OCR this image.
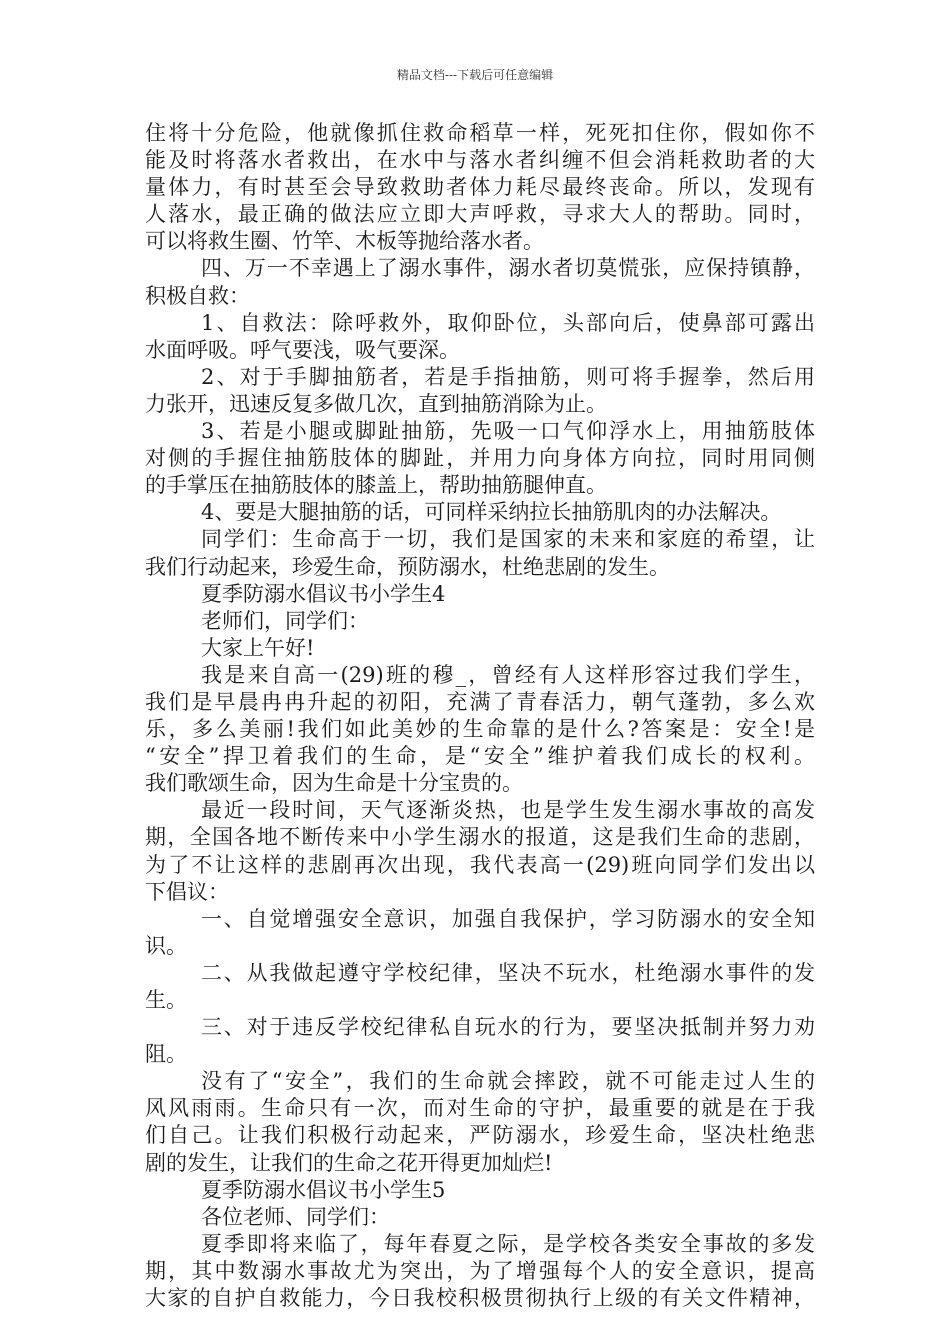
精品文档---下载后可任意编辑
住将十分危险，他就像抓住救命稻草一样，死死扣住你，假如你不
能及时将落水者救出，在水中与落水者纠缠不但会消耗救助者的大
量体力，有时甚至会导致救助者体力耗尽最终丧命。所以，发现有
人落水，最正确的做法应立即大声呼救，寻求大人的帮助。同时，
可以将救生圈、竹竿、木板等抛给落水者。
四、万一不幸遇上了溺水事件，溺水者切莫慌张，应保持镇静，
积极自救：
1、自救法：除呼救外，取仰卧位，头部向后，使鼻部可露出
水面呼吸。呼气要浅，吸气要深。
2、对于手脚抽筋者，若是手指抽筋，则可将手握拳，然后用
力张开，迅速反复多做几次，直到抽筋消除为止。
3、若是小腿或脚趾抽筋，先吸一口气仰浮水上，用抽筋肢体
对侧的手握住抽筋肢体的脚趾，并用力向身体方向拉，同时用同侧
的手掌压在抽筋肢体的膝盖上，帮助抽筋腿伸直。
4、要是大腿抽筋的话，可同样采纳拉长抽筋肌肉的办法解决。
同学们：生命高于一切，我们是国家的未来和家庭的希望，让
我们行动起来，珍爱生命，预防溺水，杜绝悲剧的发生。
夏季防溺水倡议书小学生4
老师们，同学们：
大家上午好!
我是来自高一(29)班的穆_，曾经有人这样形容过我们学生，
我们是早晨冉冉升起的初阳，充满了青春活力，朝气蓬勃，多么欢
乐，多么美丽!我们如此美妙的生命靠的是什么?答案是：安全!是
“安全”捍卫着我们的生命，是“安全”维护着我们成长的权利。
我们歌颂生命，因为生命是十分宝贵的。
最近一段时间，天气逐渐炎热，也是学生发生溺水事故的高发
期，全国各地不断传来中小学生溺水的报道，这是我们生命的悲剧，
为了不让这样的悲剧再次出现，我代表高一(29)班向同学们发出以
下倡议：
一、自觉增强安全意识，加强自我保护，学习防溺水的安全知
识。
二、从我做起遵守学校纪律，坚决不玩水，杜绝溺水事件的发
生。
三、对于违反学校纪律私自玩水的行为，要坚决抵制并努力劝
阻。
没有了“安全”，我们的生命就会摔跤，就不可能走过人生的
风风雨雨。生命只有一次，而对生命的守护，最重要的就是在于我
们自己。让我们积极行动起来，严防溺水，珍爱生命，坚决杜绝悲
剧的发生，让我们的生命之花开得更加灿烂!
夏季防溺水倡议书小学生5
各位老师、同学们：
夏季即将来临了，每年春夏之际，是学校各类安全事故的多发
期，其中数溺水事故尤为突出，为了增强每个人的安全意识，提高
大家的自护自救能力，今日我校积极贯彻执行上级的有关文件精神，
